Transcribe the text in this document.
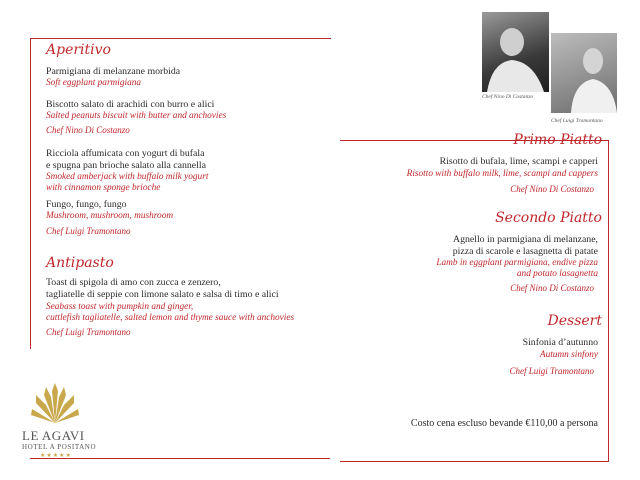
Aperitivo
Parmigiana di melanzane morbida
Soft eggplant parmigiana
Biscotto salato di arachidi con burro e alici
Salted peanuts biscuit with butter and anchovies
Chef Nino Di Costanzo
Ricciola affumicata con yogurt di bufala
e spugna pan brioche salato alla cannella
Smoked amberjack with buffalo milk yogurt
with cinnamon sponge brioche
Fungo, fungo, fungo
Mushroom, mushroom, mushroom
Chef Luigi Tramontano
Antipasto
Toast di spigola di amo con zucca e zenzero,
tagliatelle di seppie con limone salato e salsa di timo e alici
Seabass toast with pumpkin and ginger,
cuttlefish tagliatelle, salted lemon and thyme sauce with anchovies
Chef Luigi Tramontano
LE AGAVI
HOTEL A POSITANO
★★★★★
Chef Nino Di Costanzo
Chef Luigi Tramontano
Primo Piatto
Risotto di bufala, lime, scampi e capperi
Risotto with buffalo milk, lime, scampi and cappers
Chef Nino Di Costanzo
Secondo Piatto
Agnello in parmigiana di melanzane,
pizza di scarole e lasagnetta di patate
Lamb in eggplant parmigiana, endive pizza
and potato lasagnetta
Chef Nino Di Costanzo
Dessert
Sinfonia d’autunno
Autumn sinfony
Chef Luigi Tramontano
Costo cena escluso bevande €110,00 a persona
